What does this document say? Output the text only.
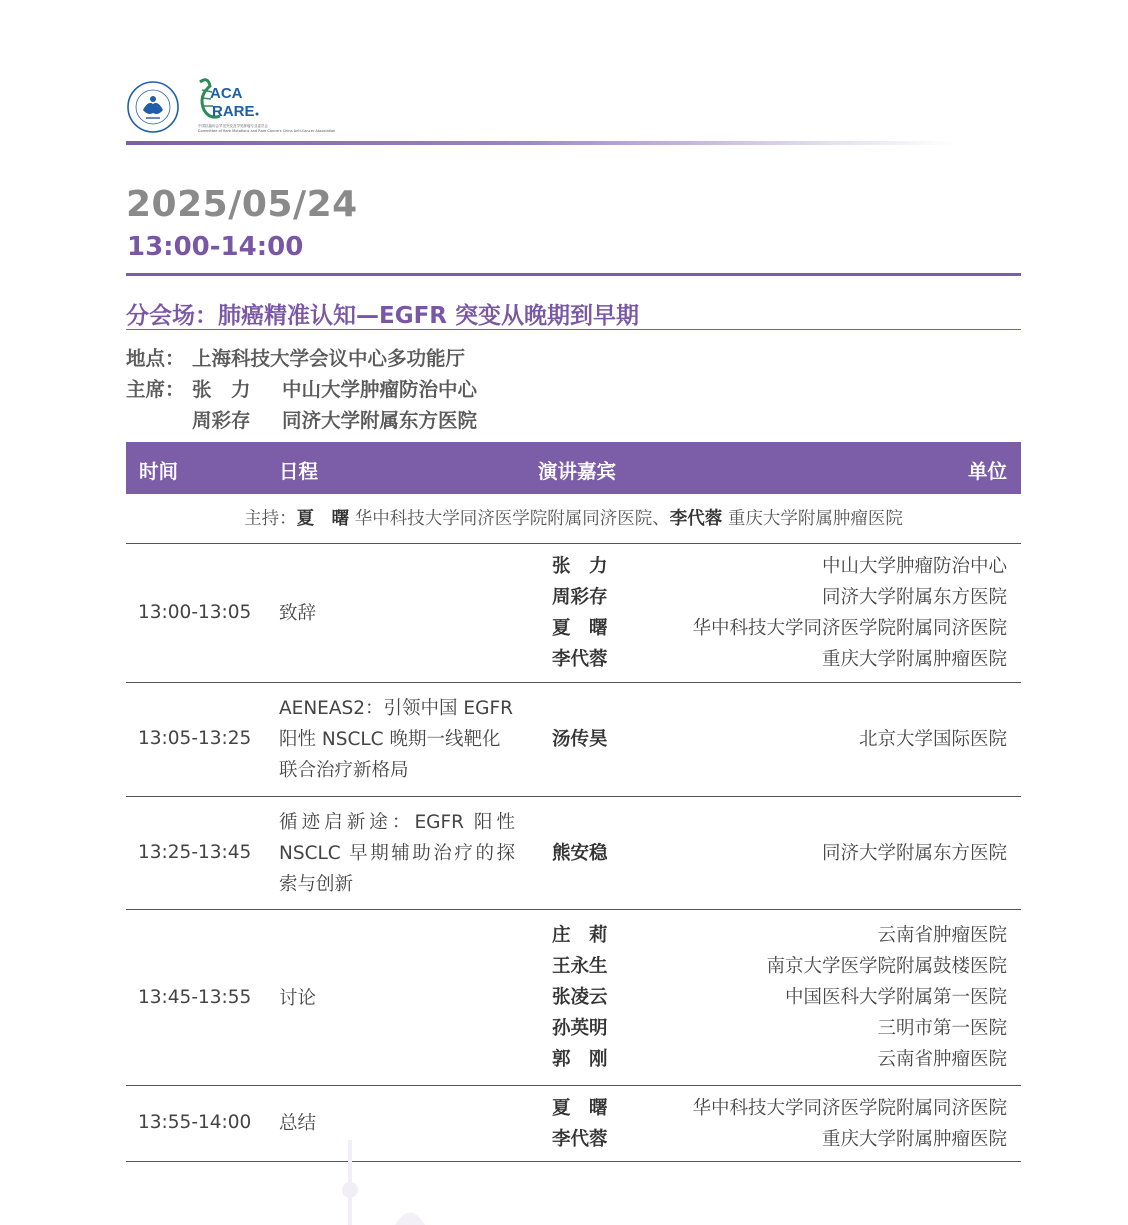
ACA
RARE
中国抗癌协会罕见突变及罕见肿瘤专业委员会
Committee of Rare Mutations and Rare Cancers China Anti-Cancer Association
2025/05/24
13:00-14:00
分会场：肺癌精准认知—EGFR 突变从晚期到早期
地点： 上海科技大学会议中心多功能厅
主席： 张　力 中山大学肿瘤防治中心
周彩存 同济大学附属东方医院
时间	日程	演讲嘉宾	单位
主持：夏　曙 华中科技大学同济医学院附属同济医院、李代蓉 重庆大学附属肿瘤医院
13:00-13:05 致辞
张　力	中山大学肿瘤防治中心
周彩存	同济大学附属东方医院
夏　曙	华中科技大学同济医学院附属同济医院
李代蓉	重庆大学附属肿瘤医院
13:05-13:25
AENEAS2：引领中国 EGFR
阳性 NSCLC 晚期一线靶化
联合治疗新格局
汤传昊	北京大学国际医院
13:25-13:45
循迹启新途：EGFR 阳性
NSCLC 早期辅助治疗的探
索与创新
熊安稳	同济大学附属东方医院
13:45-13:55 讨论
庄　莉	云南省肿瘤医院
王永生	南京大学医学院附属鼓楼医院
张凌云	中国医科大学附属第一医院
孙英明	三明市第一医院
郭　刚	云南省肿瘤医院
13:55-14:00 总结
夏　曙	华中科技大学同济医学院附属同济医院
李代蓉	重庆大学附属肿瘤医院
